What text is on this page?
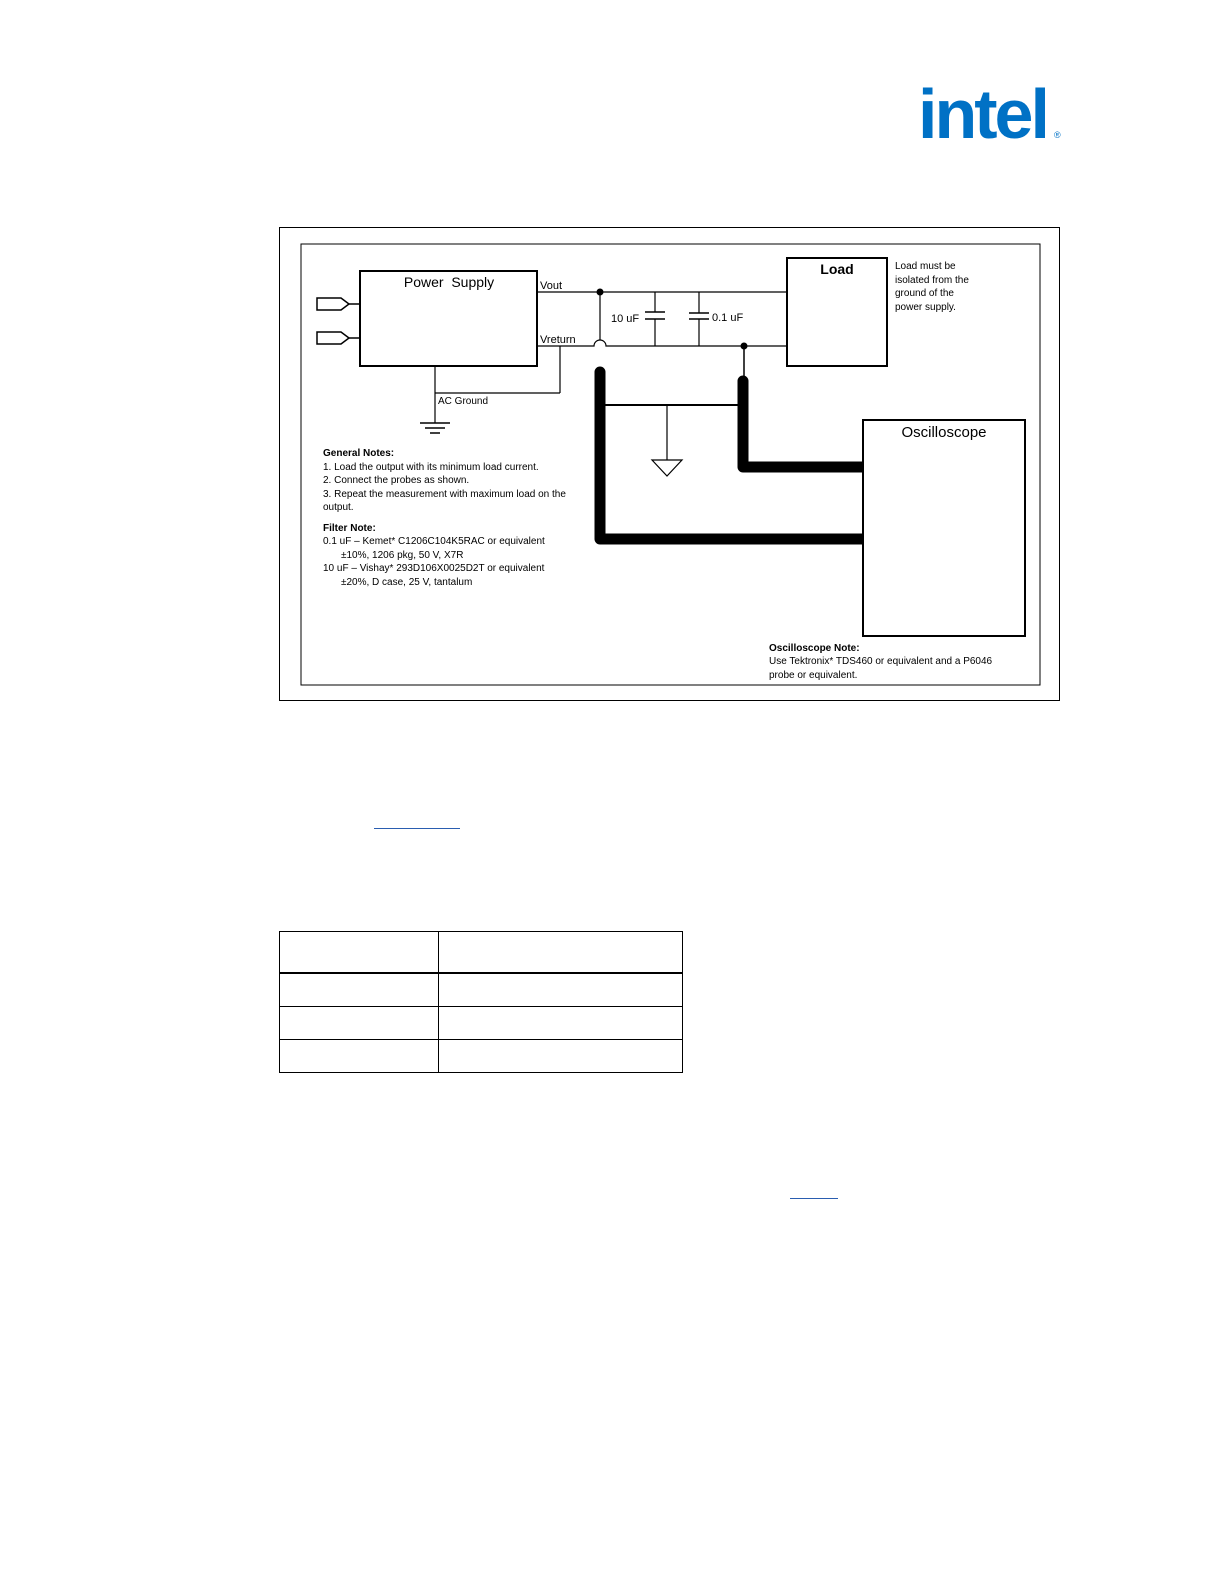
intel ®
Power  Supply	Vout
Vreturn
10 uF	0.1 uF
Load	Load must be isolated from the ground of the power supply.
AC Ground
Oscilloscope
General Notes:
1. Load the output with its minimum load current. 2. Connect the probes as shown. 3. Repeat the measurement with maximum load on the output.
Filter Note:
0.1 uF – Kemet* C1206C104K5RAC or equivalent ±10%, 1206 pkg, 50 V, X7R 10 uF – Vishay* 293D106X0025D2T or equivalent ±20%, D case, 25 V, tantalum
Oscilloscope Note:
Use Tektronix* TDS460 or equivalent and a P6046 probe or equivalent.
